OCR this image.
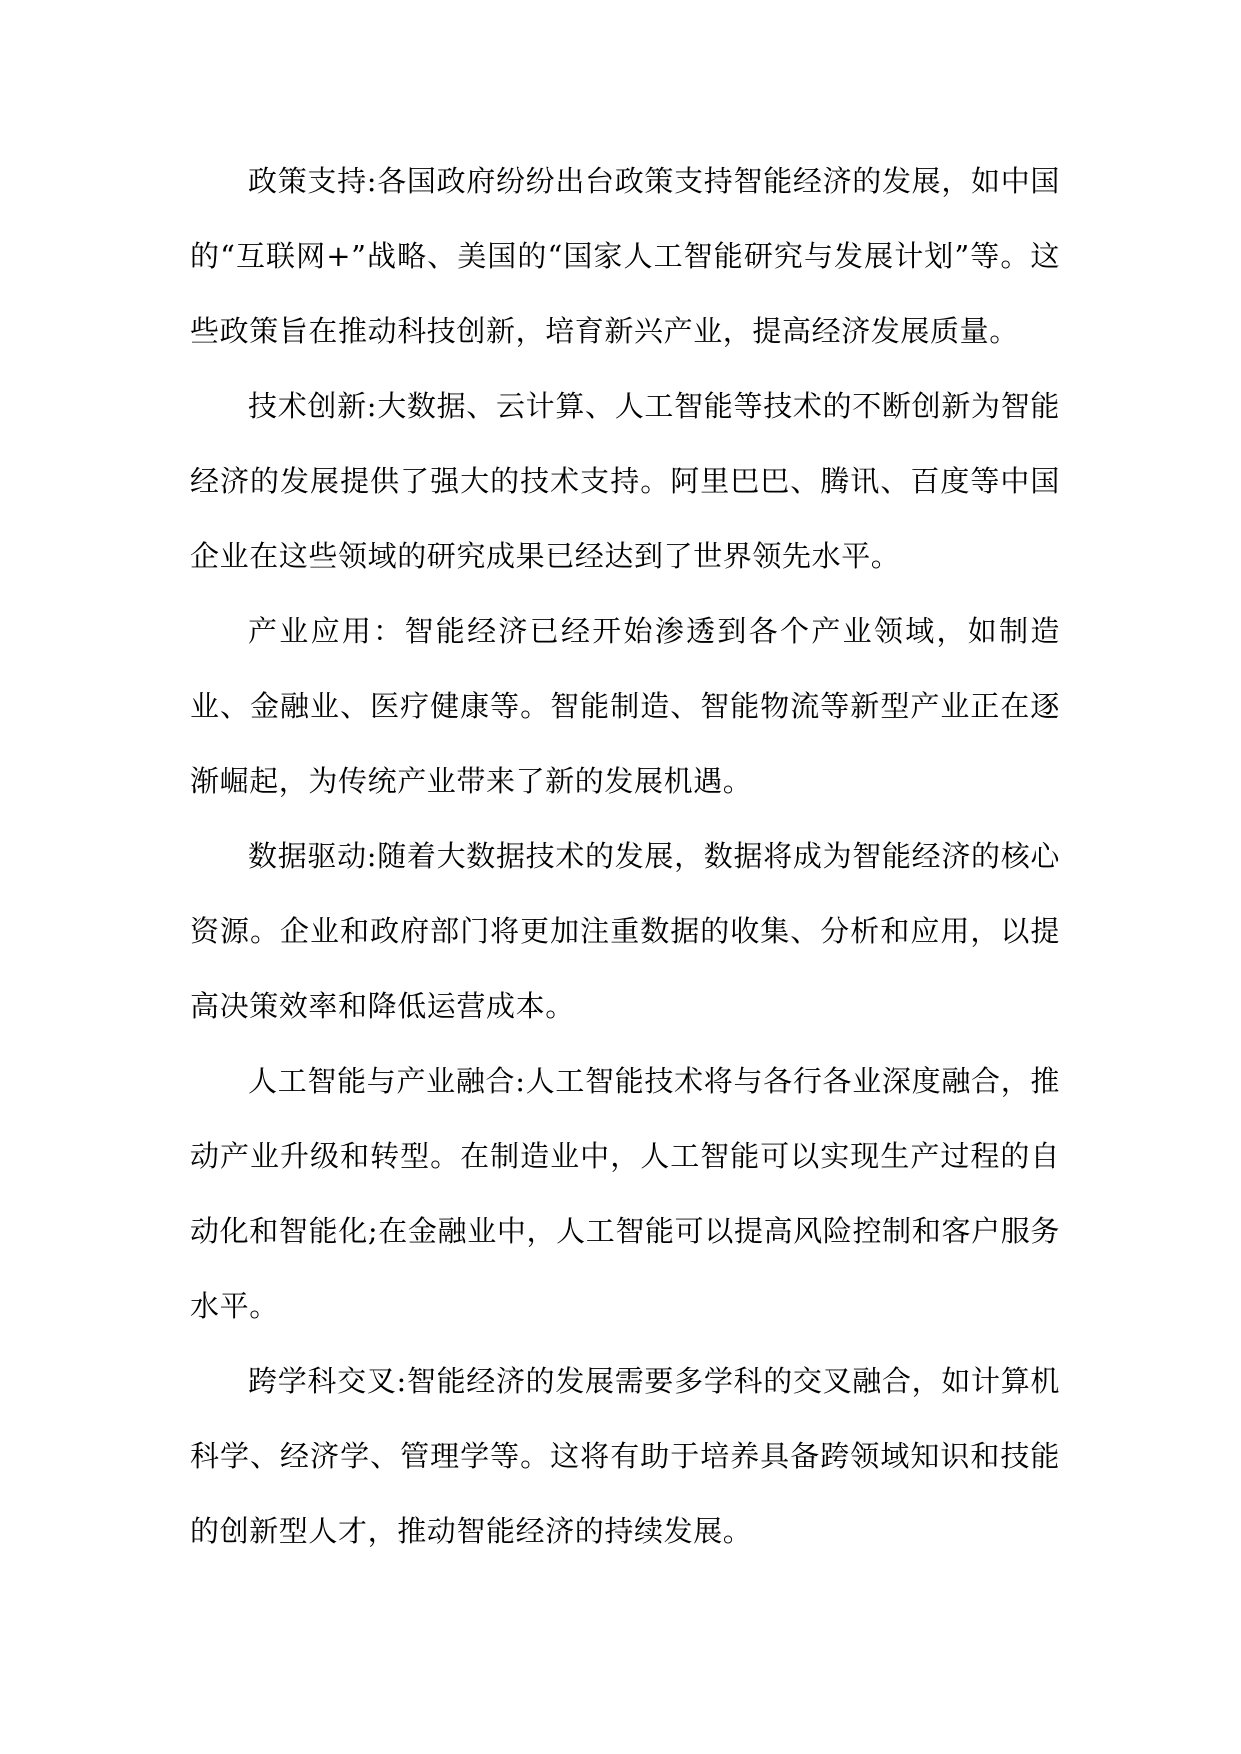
政策支持:各国政府纷纷出台政策支持智能经济的发展，如中国的“互联网+”战略、美国的“国家人工智能研究与发展计划”等。这些政策旨在推动科技创新，培育新兴产业，提高经济发展质量。

技术创新:大数据、云计算、人工智能等技术的不断创新为智能经济的发展提供了强大的技术支持。阿里巴巴、腾讯、百度等中国企业在这些领域的研究成果已经达到了世界领先水平。

产业应用：智能经济已经开始渗透到各个产业领域，如制造业、金融业、医疗健康等。智能制造、智能物流等新型产业正在逐渐崛起，为传统产业带来了新的发展机遇。

数据驱动:随着大数据技术的发展，数据将成为智能经济的核心资源。企业和政府部门将更加注重数据的收集、分析和应用，以提高决策效率和降低运营成本。

人工智能与产业融合:人工智能技术将与各行各业深度融合，推动产业升级和转型。在制造业中，人工智能可以实现生产过程的自动化和智能化;在金融业中，人工智能可以提高风险控制和客户服务水平。

跨学科交叉:智能经济的发展需要多学科的交叉融合，如计算机科学、经济学、管理学等。这将有助于培养具备跨领域知识和技能的创新型人才，推动智能经济的持续发展。
